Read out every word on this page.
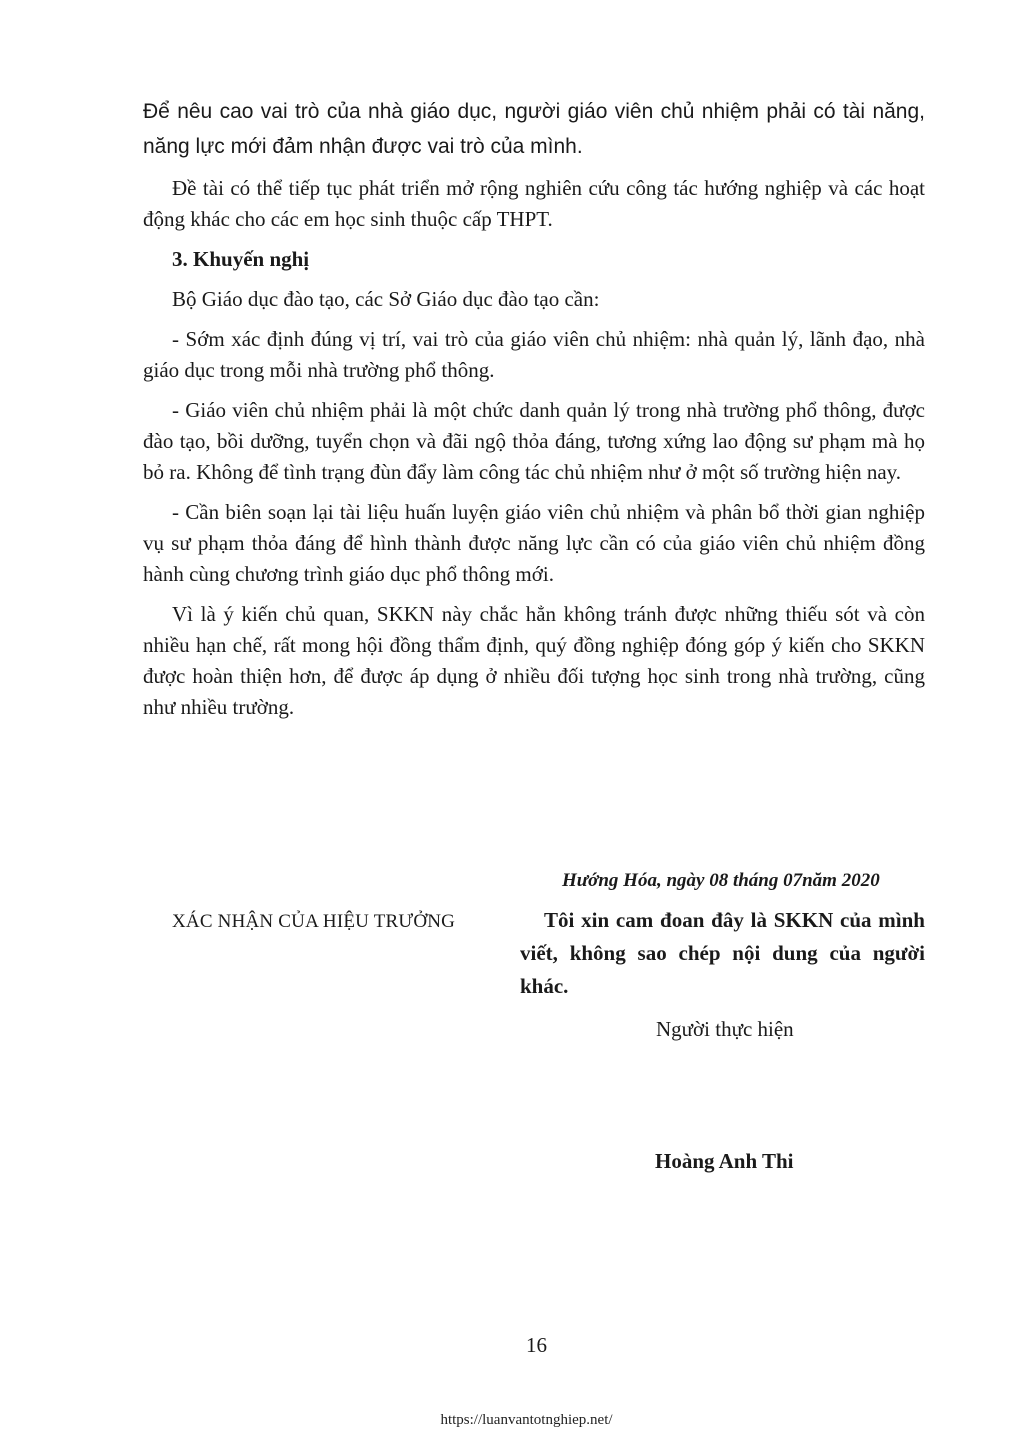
Để nêu cao vai trò của nhà giáo dục, người giáo viên chủ nhiệm phải có tài năng, năng lực mới đảm nhận được vai trò của mình.

Đề tài có thể tiếp tục phát triển mở rộng nghiên cứu công tác hướng nghiệp và các hoạt động khác cho các em học sinh thuộc cấp THPT.

3. Khuyến nghị

Bộ Giáo dục đào tạo, các Sở Giáo dục đào tạo cần:

- Sớm xác định đúng vị trí, vai trò của giáo viên chủ nhiệm: nhà quản lý, lãnh đạo, nhà giáo dục trong mỗi nhà trường phổ thông.

- Giáo viên chủ nhiệm phải là một chức danh quản lý trong nhà trường phổ thông, được đào tạo, bồi dưỡng, tuyển chọn và đãi ngộ thỏa đáng, tương xứng lao động sư phạm mà họ bỏ ra. Không để tình trạng đùn đẩy làm công tác chủ nhiệm như ở một số trường hiện nay.

- Cần biên soạn lại tài liệu huấn luyện giáo viên chủ nhiệm và phân bổ thời gian nghiệp vụ sư phạm thỏa đáng để hình thành được năng lực cần có của giáo viên chủ nhiệm đồng hành cùng chương trình giáo dục phổ thông mới.

Vì là ý kiến chủ quan, SKKN này chắc hẳn không tránh được những thiếu sót và còn nhiều hạn chế, rất mong hội đồng thẩm định, quý đồng nghiệp đóng góp ý kiến cho SKKN được hoàn thiện hơn, để được áp dụng ở nhiều đối tượng học sinh trong nhà trường, cũng như nhiều trường.

Hướng Hóa, ngày 08 tháng 07năm 2020
XÁC NHẬN CỦA HIỆU TRƯỞNG	Tôi xin cam đoan đây là SKKN của mình viết, không sao chép nội dung của người khác.
Người thực hiện
Hoàng Anh Thi
16
https://luanvantotnghiep.net/
